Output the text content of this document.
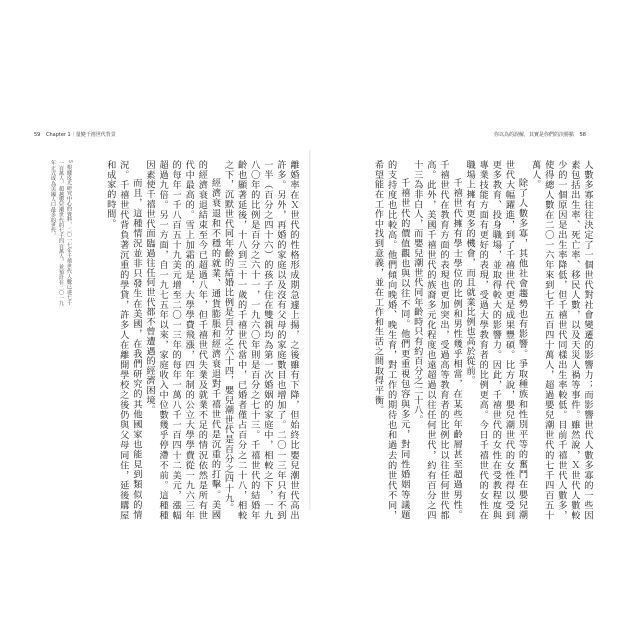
59 Chapter 1｜量變千禧世代背景	你以為的誤解，其實是你們的決勝點 58

人數多寡往往決定了一個世代對社會變遷的影響力；而影響世代人數多寡的一些因素包括出生率、死亡率、移民人數，以及天災人禍等事件。雖然說，Ｘ世代人數較少的一個原因是出生率降低，但千禧世代同樣出生率較低。目前千禧世代人數多，使得總人數在二〇一六年來到七千五百四十萬人，超過嬰兒潮世代的七千四百五十萬人。

除了人數多寡，其他社會趨勢也有影響。爭取種族和性別平等的奮鬥在嬰兒潮世代大幅躍進，到了千禧世代更是成果豐碩。比方說，嬰兒潮世代的女性得以受到更多教育、投身職場，並取得較大的影響力。因此，千禧世代的女性在受教程度與專業技能方面有更好的表現，受過大學教育者的比例更高。今日千禧世代的女性在職場上擁有更多的機會，而且就業比例也高於從前。

千禧世代擁有學士學位的比例和男性幾乎相當，在某些年齡層甚至超過男性。千禧世代在教育方面的表現也更加突出，受過高等教育者的比例比以往任何世代都高。此外，美國千禧世代的族裔多元化程度也遠超過以往任何世代，約有百分之四十三為非白人，而嬰兒潮世代同年齡時只有約百分之二十八。

千禧世代的價值觀也與以往不同。他們更重視包容與多元，對同性婚姻等議題的支持度也比較高。他們傾向晚婚、晚生育，對工作的期待也和過去的世代不同，希望能在工作中找到意義，並在工作和生活之間取得平衡。

離婚率在Ｘ世代的性格形成期急遽上揚，之後雖有下降，但始終比嬰兒潮世代高出許多。另外，再婚的家庭以及沒有父母的家庭數目也增加了。二〇一三年只有不到一半（百分之四十六）的孩子住在雙親均為第一次婚姻的家庭中，相較之下，一九八〇年的比例是百分之六十一，一九六〇年則是百分之七十三。千禧世代的結婚年齡也顯著延後，十八到三十一歲的千禧世代當中，已婚者僅占百分之二十八，相較之下，沉默世代同年齡的結婚比例是百分之六十四，嬰兒潮世代是百分之四十九。

經濟衰退和不穩的就業、通貨膨脹和經濟衰退對千禧世代是沉重的打擊。美國的經濟衰退結束至今已超過八年，但千禧世代失業及就業不足的情況依然是所有世代中最高的。雪上加霜的是，大學學費飛漲，四年制的公立大學學費從一九六三年的每年一千八百五十九美元增至二〇一三年的每年一萬八千一百四十二美元，漲幅超過九倍。另一方面，自一九七五年以來，家庭收入中位數幾乎停滯不前。這種種因素使千禧世代面臨過往任何世代都不曾遭遇的經濟困境。

而且，這種情況並非只發生在美國，在我們研究的其他國家也能見到類似的情況。千禧世代背負著沉重的學貸，許多人在離開學校之後仍與父母同住，延後購屋和成家的時間。

5 根據皮尤研究中心的資料，二〇一七年千禧世代人數已達七千一百萬人，超越嬰兒潮世代的七千四百萬人，並預計在二〇一九年正式成為美國人口最多的世代。
